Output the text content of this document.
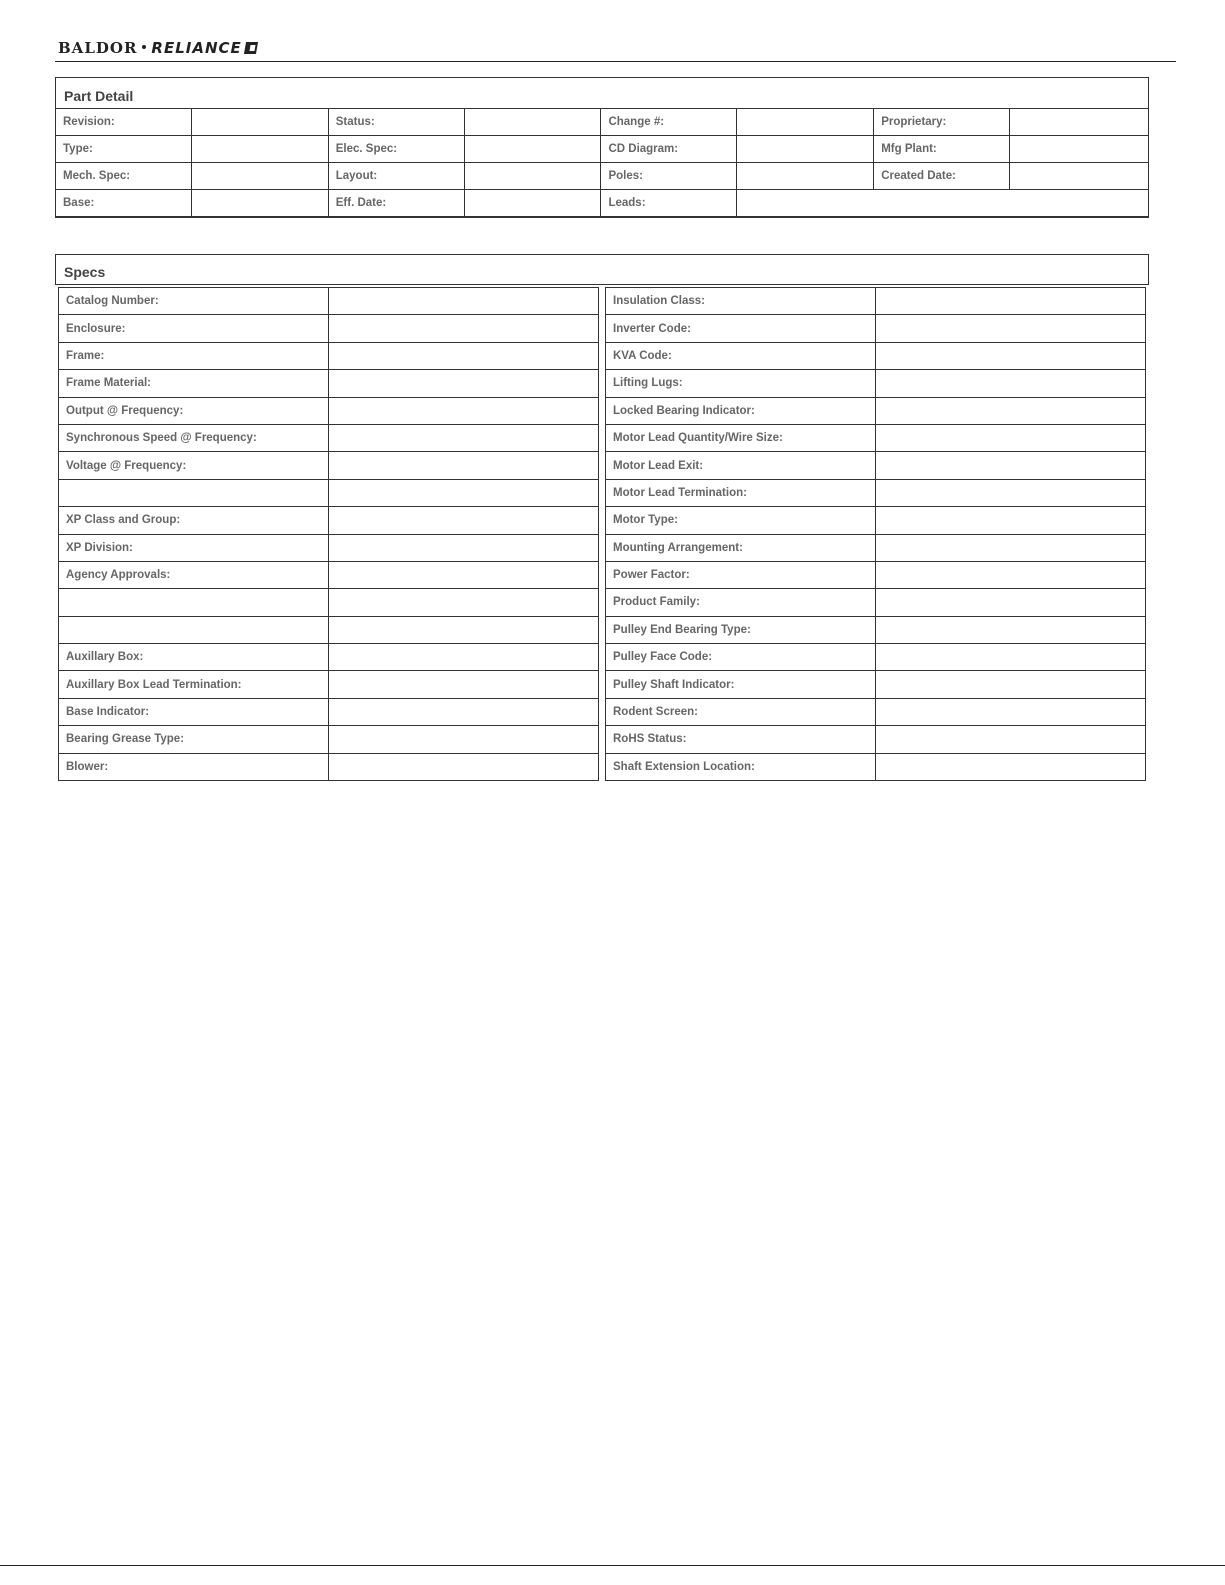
BALDOR RELIANCE
Part Detail
Revision:		Status:		Change #:		Proprietary:	
Type:		Elec. Spec:		CD Diagram:		Mfg Plant:	
Mech. Spec:		Layout:		Poles:		Created Date:	
Base:		Eff. Date:		Leads:			
Specs
Catalog Number:	
Enclosure:	
Frame:	
Frame Material:	
Output @ Frequency:	
Synchronous Speed @ Frequency:	
Voltage @ Frequency:	

XP Class and Group:	
XP Division:	
Agency Approvals:	

Auxillary Box:	
Auxillary Box Lead Termination:	
Base Indicator:	
Bearing Grease Type:	
Blower:	
Insulation Class:	
Inverter Code:	
KVA Code:	
Lifting Lugs:	
Locked Bearing Indicator:	
Motor Lead Quantity/Wire Size:	
Motor Lead Exit:	
Motor Lead Termination:	
Motor Type:	
Mounting Arrangement:	
Power Factor:	
Product Family:	
Pulley End Bearing Type:	
Pulley Face Code:	
Pulley Shaft Indicator:	
Rodent Screen:	
RoHS Status:	
Shaft Extension Location:	
